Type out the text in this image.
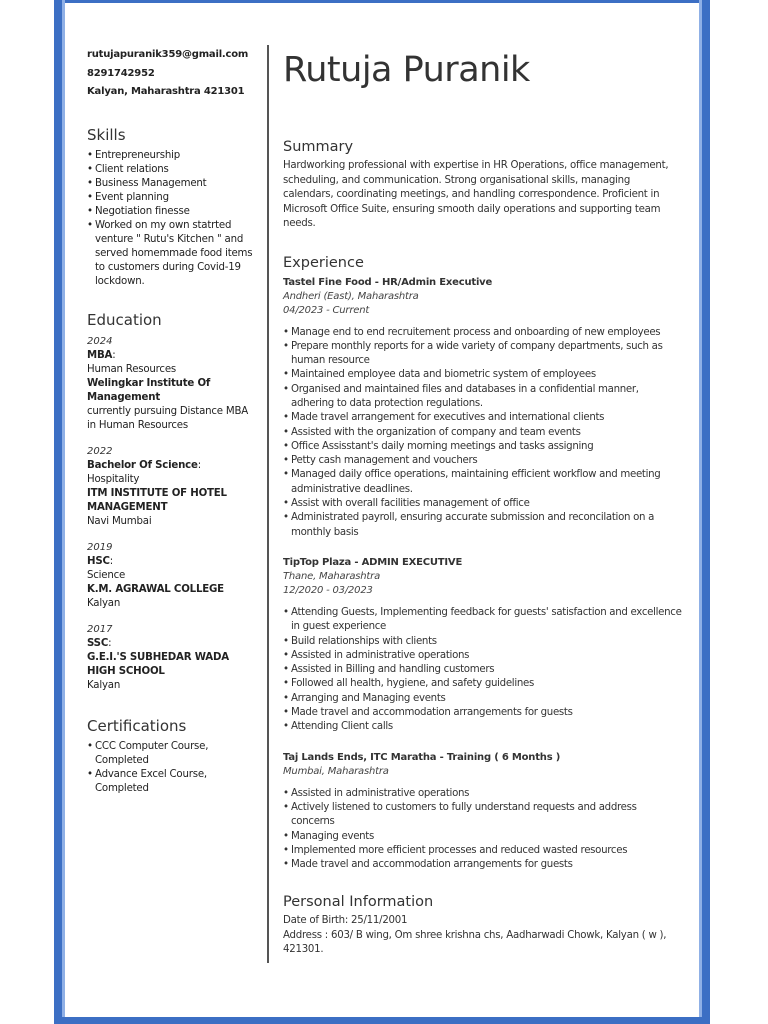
rutujapuranik359@gmail.com
8291742952
Kalyan, Maharashtra 421301
Skills
• Entrepreneurship
• Client relations
• Business Management
• Event planning
• Negotiation finesse
• Worked on my own statrted venture " Rutu's Kitchen " and served homemmade food items to customers during Covid-19 lockdown.
Education
2024
MBA:
Human Resources
Welingkar Institute Of Management
currently pursuing Distance MBA in Human Resources
2022
Bachelor Of Science:
Hospitality
ITM INSTITUTE OF HOTEL MANAGEMENT
Navi Mumbai
2019
HSC:
Science
K.M. AGRAWAL COLLEGE
Kalyan
2017
SSC:
G.E.I.'S SUBHEDAR WADA HIGH SCHOOL
Kalyan
Certifications
• CCC Computer Course, Completed
• Advance Excel Course, Completed
Rutuja Puranik
Summary

Hardworking professional with expertise in HR Operations, office management, scheduling, and communication. Strong organisational skills, managing calendars, coordinating meetings, and handling correspondence. Proficient in Microsoft Office Suite, ensuring smooth daily operations and supporting team needs.

Experience
Tastel Fine Food - HR/Admin Executive
Andheri (East), Maharashtra
04/2023 - Current
• Manage end to end recruitement process and onboarding of new employees
• Prepare monthly reports for a wide variety of company departments, such as human resource
• Maintained employee data and biometric system of employees
• Organised and maintained files and databases in a confidential manner, adhering to data protection regulations.
• Made travel arrangement for executives and international clients
• Assisted with the organization of company and team events
• Office Assisstant's daily morning meetings and tasks assigning
• Petty cash management and vouchers
• Managed daily office operations, maintaining efficient workflow and meeting administrative deadlines.
• Assist with overall facilities management of office
• Administrated payroll, ensuring accurate submission and reconcilation on a monthly basis
TipTop Plaza - ADMIN EXECUTIVE
Thane, Maharashtra
12/2020 - 03/2023
• Attending Guests, Implementing feedback for guests' satisfaction and excellence in guest experience
• Build relationships with clients
• Assisted in administrative operations
• Assisted in Billing and handling customers
• Followed all health, hygiene, and safety guidelines
• Arranging and Managing events
• Made travel and accommodation arrangements for guests
• Attending Client calls
Taj Lands Ends, ITC Maratha - Training ( 6 Months )
Mumbai, Maharashtra
• Assisted in administrative operations
• Actively listened to customers to fully understand requests and address concerns
• Managing events
• Implemented more efficient processes and reduced wasted resources
• Made travel and accommodation arrangements for guests
Personal Information

Date of Birth: 25/11/2001

Address : 603/ B wing, Om shree krishna chs, Aadharwadi Chowk, Kalyan ( w ), 421301.
